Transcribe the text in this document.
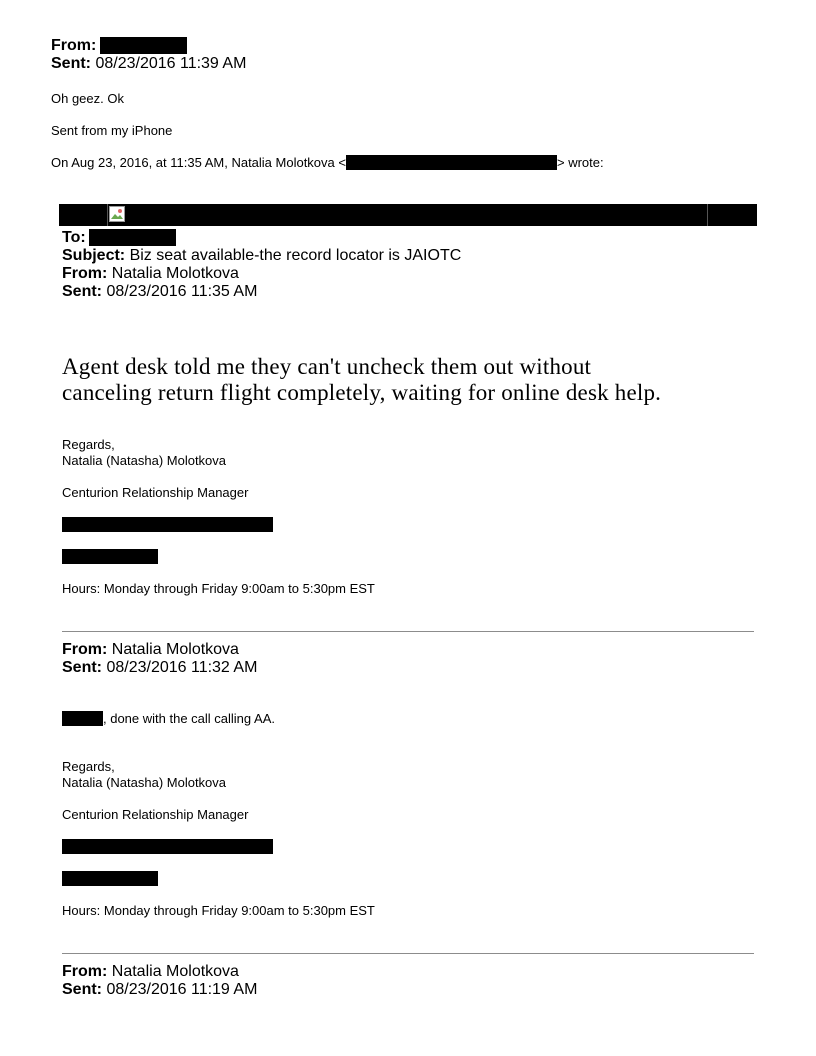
From:
Sent: 08/23/2016 11:39 AM
Oh geez. Ok
Sent from my iPhone
On Aug 23, 2016, at 11:35 AM, Natalia Molotkova <	> wrote:
To:
Subject: Biz seat available-the record locator is JAIOTC
From: Natalia Molotkova
Sent: 08/23/2016 11:35 AM
Agent desk told me they can't uncheck them out without
canceling return flight completely, waiting for online desk help.
Regards,
Natalia (Natasha) Molotkova
Centurion Relationship Manager
Hours: Monday through Friday 9:00am to 5:30pm EST
From: Natalia Molotkova
Sent: 08/23/2016 11:32 AM
, done with the call calling AA.
Regards,
Natalia (Natasha) Molotkova
Centurion Relationship Manager
Hours: Monday through Friday 9:00am to 5:30pm EST
From: Natalia Molotkova
Sent: 08/23/2016 11:19 AM
